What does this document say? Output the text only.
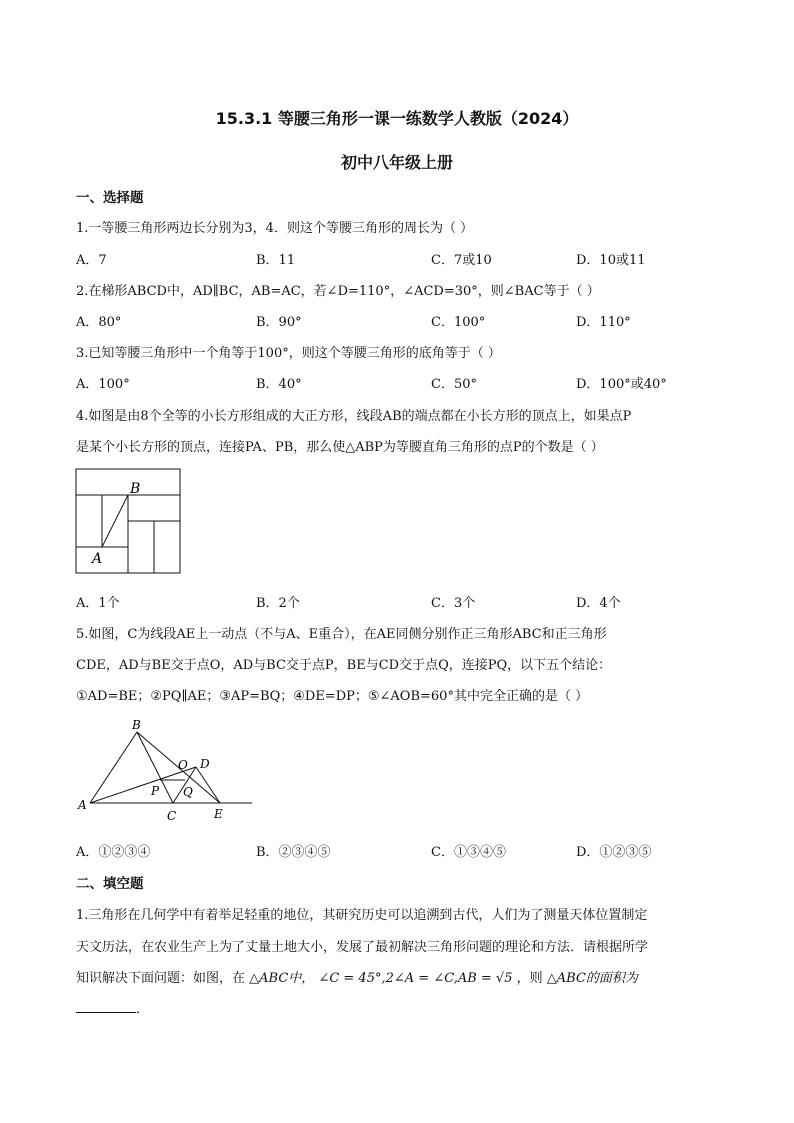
15.3.1 等腰三角形一课一练数学人教版（2024）
初中八年级上册
一、选择题
1.一等腰三角形两边长分别为3，4．则这个等腰三角形的周长为（ ）
A．7	B．11	C．7或10	D．10或11
2.在梯形ABCD中，AD∥BC，AB=AC，若∠D=110°，∠ACD=30°，则∠BAC等于（ ）
A．80°	B．90°	C．100°	D．110°
3.已知等腰三角形中一个角等于100°，则这个等腰三角形的底角等于（ ）
A．100°	B．40°	C．50°	D．100°或40°
4.如图是由8个全等的小长方形组成的大正方形，线段AB的端点都在小长方形的顶点上，如果点P
是某个小长方形的顶点，连接PA、PB，那么使△ABP为等腰直角三角形的点P的个数是（ ）
B
A
A．1个	B．2个	C．3个	D．4个
5.如图，C为线段AE上一动点（不与A、E重合），在AE同侧分别作正三角形ABC和正三角形
CDE，AD与BE交于点O，AD与BC交于点P，BE与CD交于点Q，连接PQ，以下五个结论：
①AD=BE；②PQ∥AE；③AP=BQ；④DE=DP；⑤∠AOB=60°其中完全正确的是（ ）
B
A
C	E
D
O
P Q
A．①②③④	B．②③④⑤	C．①③④⑤	D．①②③⑤
二、填空题
1.三角形在几何学中有着举足轻重的地位，其研究历史可以追溯到古代，人们为了测量天体位置制定
天文历法，在农业生产上为了丈量土地大小，发展了最初解决三角形问题的理论和方法．请根据所学
知识解决下面问题：如图，在 △ABC中， ∠C = 45°,2∠A = ∠C,AB = √5 ，则 △ABC的面积为
．
